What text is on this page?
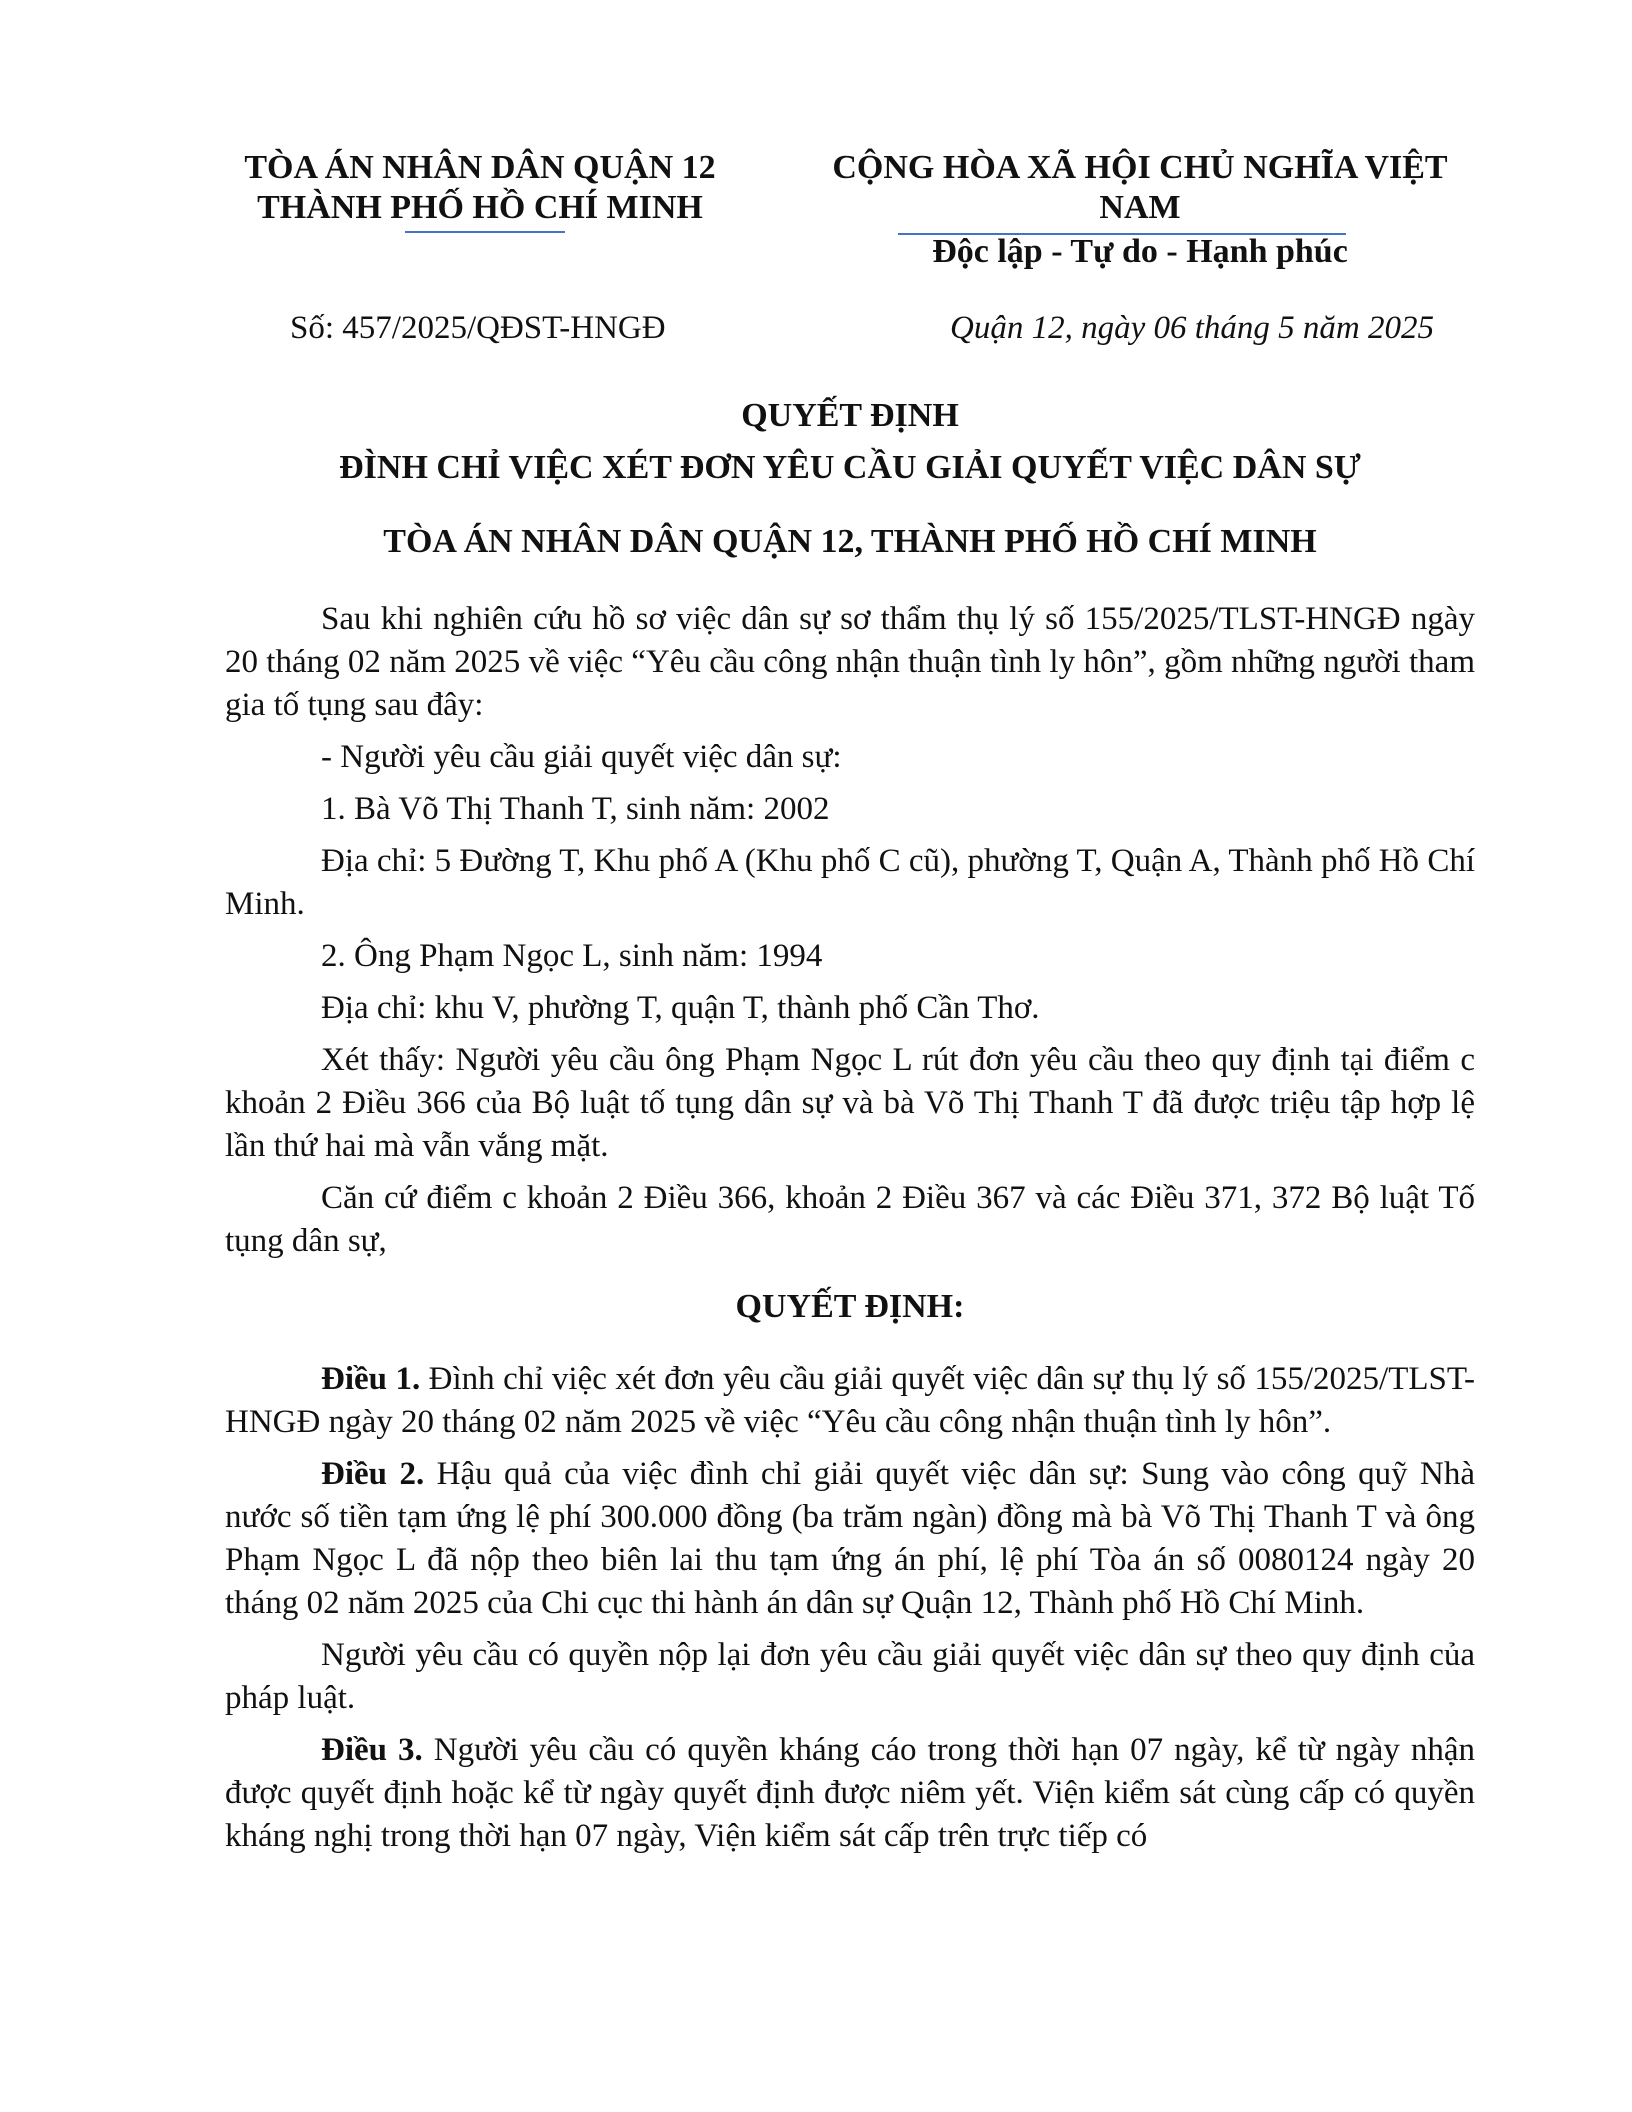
TÒA ÁN NHÂN DÂN QUẬN 12
THÀNH PHỐ HỒ CHÍ MINH
CỘNG HÒA XÃ HỘI CHỦ NGHĨA VIỆT
NAM
Độc lập - Tự do - Hạnh phúc
Số: 457/2025/QĐST-HNGĐ	Quận 12, ngày 06 tháng 5 năm 2025
QUYẾT ĐỊNH
ĐÌNH CHỈ VIỆC XÉT ĐƠN YÊU CẦU GIẢI QUYẾT VIỆC DÂN SỰ
TÒA ÁN NHÂN DÂN QUẬN 12, THÀNH PHỐ HỒ CHÍ MINH

Sau khi nghiên cứu hồ sơ việc dân sự sơ thẩm thụ lý số 155/2025/TLST-HNGĐ ngày 20 tháng 02 năm 2025 về việc “Yêu cầu công nhận thuận tình ly hôn”, gồm những người tham gia tố tụng sau đây:

- Người yêu cầu giải quyết việc dân sự:

1. Bà Võ Thị Thanh T, sinh năm: 2002

Địa chỉ: 5 Đường T, Khu phố A (Khu phố C cũ), phường T, Quận A, Thành phố Hồ Chí Minh.

2. Ông Phạm Ngọc L, sinh năm: 1994

Địa chỉ: khu V, phường T, quận T, thành phố Cần Thơ.

Xét thấy: Người yêu cầu ông Phạm Ngọc L rút đơn yêu cầu theo quy định tại điểm c khoản 2 Điều 366 của Bộ luật tố tụng dân sự và bà Võ Thị Thanh T đã được triệu tập hợp lệ lần thứ hai mà vẫn vắng mặt.

Căn cứ điểm c khoản 2 Điều 366, khoản 2 Điều 367 và các Điều 371, 372 Bộ luật Tố tụng dân sự,

QUYẾT ĐỊNH:

Điều 1. Đình chỉ việc xét đơn yêu cầu giải quyết việc dân sự thụ lý số 155/2025/TLST-HNGĐ ngày 20 tháng 02 năm 2025 về việc “Yêu cầu công nhận thuận tình ly hôn”.

Điều 2. Hậu quả của việc đình chỉ giải quyết việc dân sự: Sung vào công quỹ Nhà nước số tiền tạm ứng lệ phí 300.000 đồng (ba trăm ngàn) đồng mà bà Võ Thị Thanh T và ông Phạm Ngọc L đã nộp theo biên lai thu tạm ứng án phí, lệ phí Tòa án số 0080124 ngày 20 tháng 02 năm 2025 của Chi cục thi hành án dân sự Quận 12, Thành phố Hồ Chí Minh.

Người yêu cầu có quyền nộp lại đơn yêu cầu giải quyết việc dân sự theo quy định của pháp luật.

Điều 3. Người yêu cầu có quyền kháng cáo trong thời hạn 07 ngày, kể từ ngày nhận được quyết định hoặc kể từ ngày quyết định được niêm yết. Viện kiểm sát cùng cấp có quyền kháng nghị trong thời hạn 07 ngày, Viện kiểm sát cấp trên trực tiếp có
